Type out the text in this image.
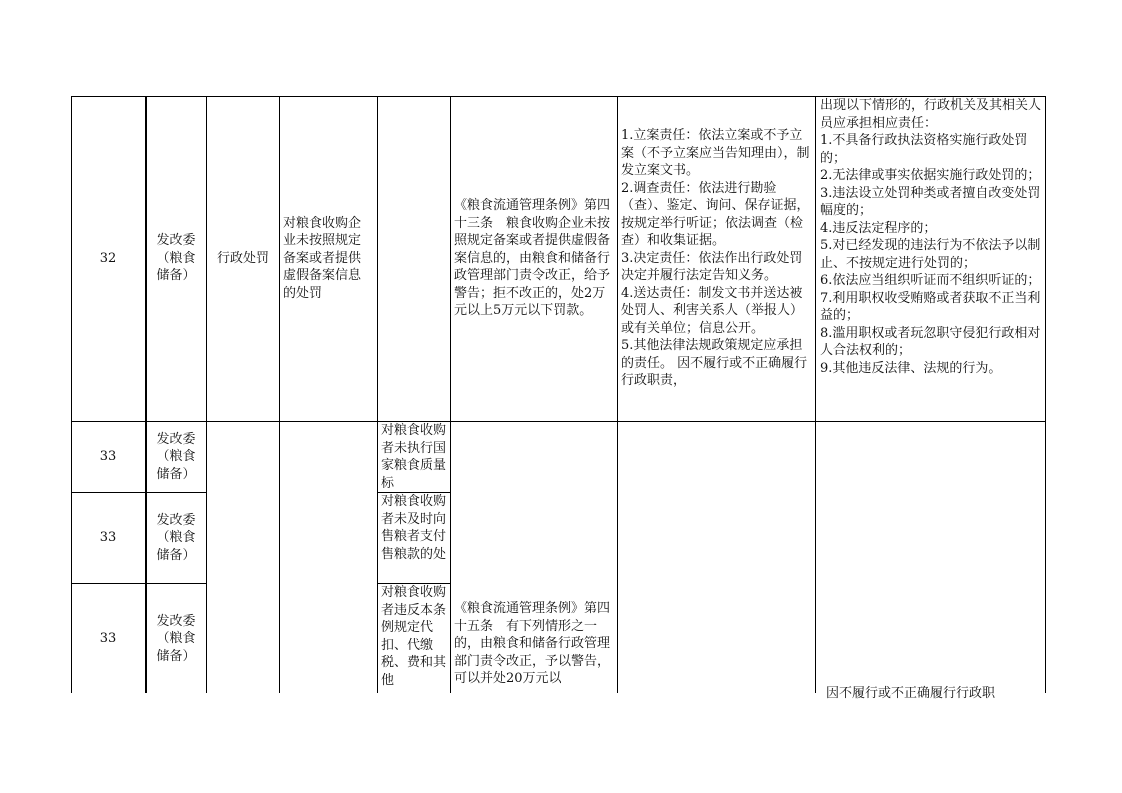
32
发改委
（粮食
储备）
行政处罚
对粮食收购企业未按照规定备案或者提供虚假备案信息的处罚
《粮食流通管理条例》第四十三条　粮食收购企业未按照规定备案或者提供虚假备案信息的，由粮食和储备行政管理部门责令改正，给予警告；拒不改正的，处2万元以上5万元以下罚款。
1.立案责任：依法立案或不予立案（不予立案应当告知理由），制发立案文书。
2.调查责任：依法进行勘验（查）、鉴定、询问、保存证据，按规定举行听证；依法调查（检查）和收集证据。
3.决定责任：依法作出行政处罚决定并履行法定告知义务。
4.送达责任：制发文书并送达被处罚人、利害关系人（举报人）或有关单位；信息公开。
5.其他法律法规政策规定应承担的责任。 因不履行或不正确履行行政职责，
出现以下情形的，行政机关及其相关人员应承担相应责任：
1.不具备行政执法资格实施行政处罚的；
2.无法律或事实依据实施行政处罚的；
3.违法设立处罚种类或者擅自改变处罚幅度的；
4.违反法定程序的；
5.对已经发现的违法行为不依法予以制止、不按规定进行处罚的；
6.依法应当组织听证而不组织听证的；
7.利用职权收受贿赂或者获取不正当利益的；
8.滥用职权或者玩忽职守侵犯行政相对人合法权利的；
9.其他违反法律、法规的行为。
33
发改委
（粮食
储备）
对粮食收购者未执行国家粮食质量标
33
发改委
（粮食
储备）
对粮食收购者未及时向售粮者支付售粮款的处
33
发改委
（粮食
储备）
对粮食收购者违反本条例规定代扣、代缴税、费和其他
《粮食流通管理条例》第四十五条　有下列情形之一的，由粮食和储备行政管理部门责令改正，予以警告，可以并处20万元以
因不履行或不正确履行行政职
